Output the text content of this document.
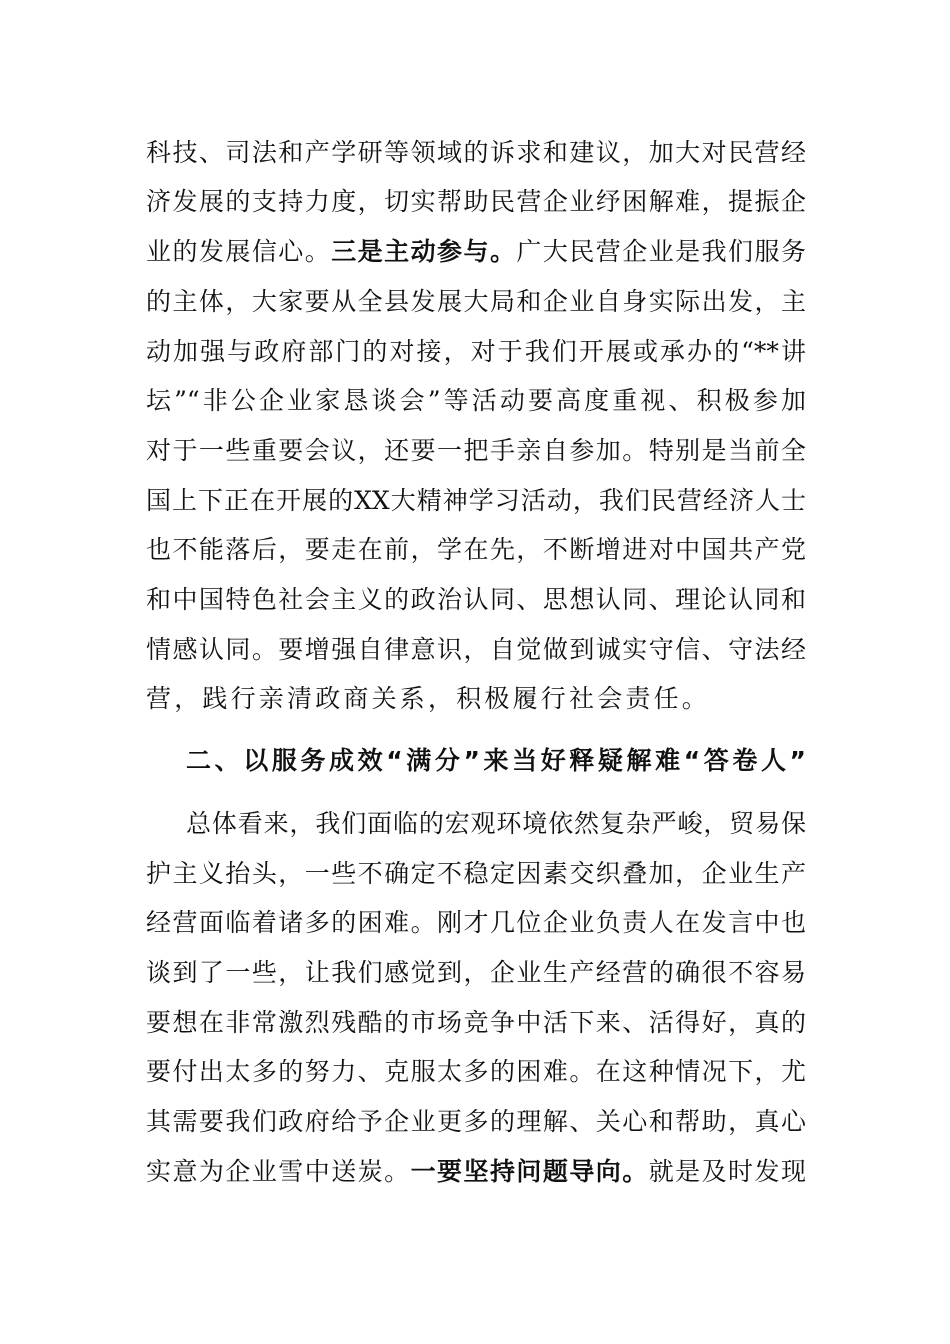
科技、司法和产学研等领域的诉求和建议，加大对民营经
济发展的支持力度，切实帮助民营企业纾困解难，提振企
业的发展信心。三是主动参与。广大民营企业是我们服务
的主体，大家要从全县发展大局和企业自身实际出发，主
动加强与政府部门的对接，对于我们开展或承办的“**讲
坛”“非公企业家恳谈会”等活动要高度重视、积极参加
对于一些重要会议，还要一把手亲自参加。特别是当前全
国上下正在开展的XX大精神学习活动，我们民营经济人士
也不能落后，要走在前，学在先，不断增进对中国共产党
和中国特色社会主义的政治认同、思想认同、理论认同和
情感认同。要增强自律意识，自觉做到诚实守信、守法经
营，践行亲清政商关系，积极履行社会责任。
二、以服务成效“满分”来当好释疑解难“答卷人”
总体看来，我们面临的宏观环境依然复杂严峻，贸易保
护主义抬头，一些不确定不稳定因素交织叠加，企业生产
经营面临着诸多的困难。刚才几位企业负责人在发言中也
谈到了一些，让我们感觉到，企业生产经营的确很不容易
要想在非常激烈残酷的市场竞争中活下来、活得好，真的
要付出太多的努力、克服太多的困难。在这种情况下，尤
其需要我们政府给予企业更多的理解、关心和帮助，真心
实意为企业雪中送炭。一要坚持问题导向。就是及时发现
